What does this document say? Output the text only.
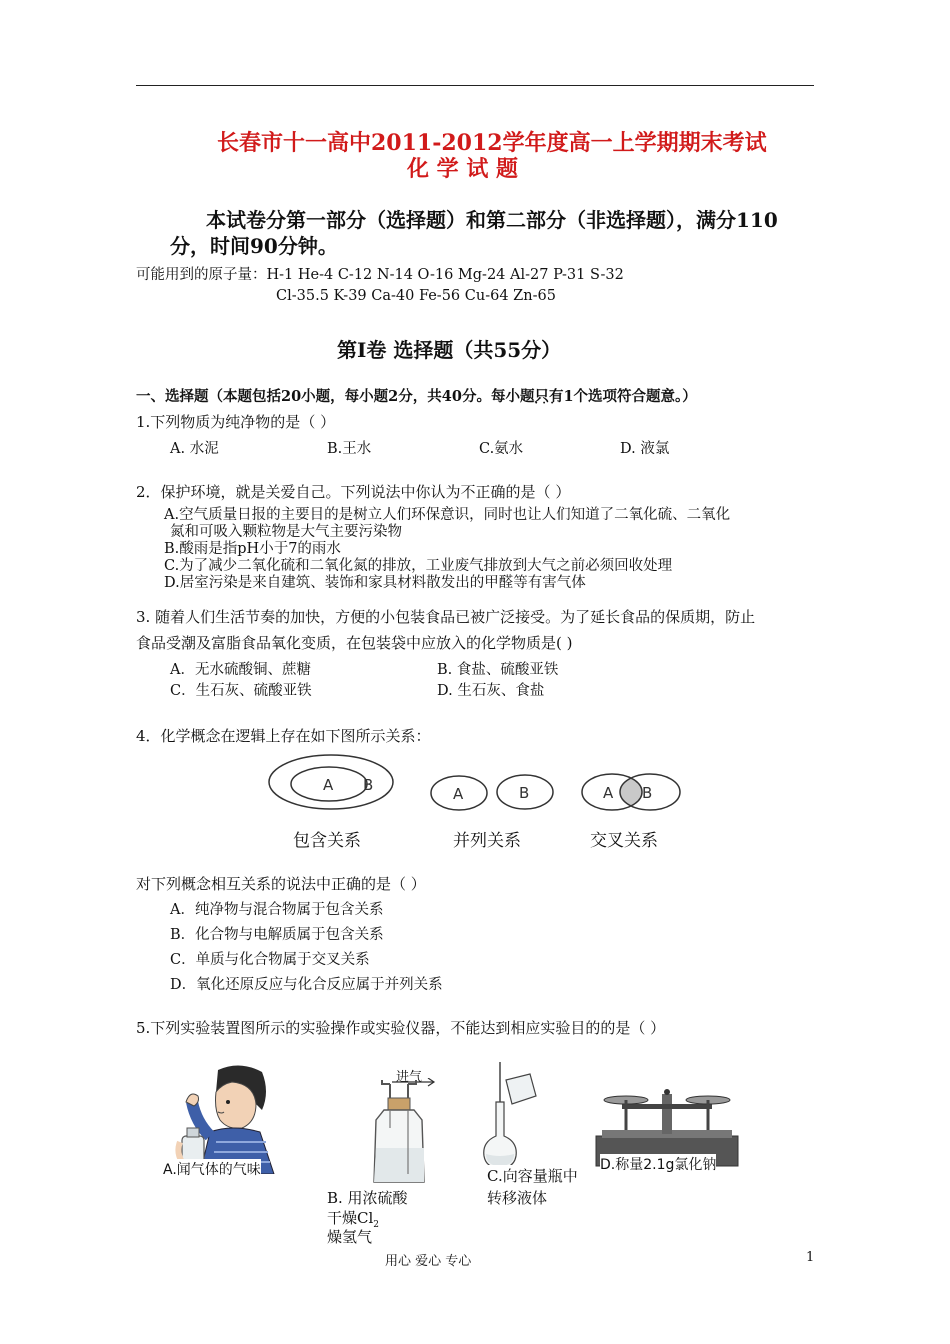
长春市十一高中2011-2012学年度高一上学期期末考试
化 学 试 题
本试卷分第一部分（选择题）和第二部分（非选择题），满分110
分，时间90分钟。
可能用到的原子量：H-1 He-4 C-12 N-14 O-16 Mg-24 Al-27 P-31 S-32
Cl-35.5 K-39 Ca-40 Fe-56 Cu-64 Zn-65
第Ⅰ卷 选择题（共55分）
一、选择题（本题包括20小题，每小题2分，共40分。每小题只有1 · · ·个选项符合题意。）
1.下列物质为纯净物的是（ ）
A. 水泥	B.王水	C.氨水	D. 液氯
2．保护环境，就是关爱自己。下列说法中你认为不正确的是（ ）
A.空气质量日报的主要目的是树立人们环保意识，同时也让人们知道了二氧化硫、二氧化
氮和可吸入颗粒物是大气主要污染物
B.酸雨是指pH小于7的雨水
C.为了减少二氧化硫和二氧化氮的排放，工业废气排放到大气之前必须回收处理
D.居室污染是来自建筑、装饰和家具材料散发出的甲醛等有害气体
3. 随着人们生活节奏的加快，方便的小包装食品已被广泛接受。为了延长食品的保质期，防止
食品受潮及富脂食品氧化变质，在包装袋中应放入的化学物质是( )
A．无水硫酸铜、蔗糖	B. 食盐、硫酸亚铁
C．生石灰、硫酸亚铁	D. 生石灰、食盐
4．化学概念在逻辑上存在如下图所示关系：
A B	A	B	A B
包含关系	并列关系	交叉关系
对下列概念相互关系的说法中正确的是（ ）
A．纯净物与混合物属于包含关系
B．化合物与电解质属于包含关系
C．单质与化合物属于交叉关系
D．氧化还原反应与化合反应属于并列关系
5.下列实验装置图所示的实验操作或实验仪器，不能达到相应实验目的的是（ ）
A.闻气体的气味
进气
B. 用浓硫酸
干燥$Cl_2$
燥氢气
C.向容量瓶中
转移液体
D.称量2.1g氯化钠
用心 爱心 专心	1
